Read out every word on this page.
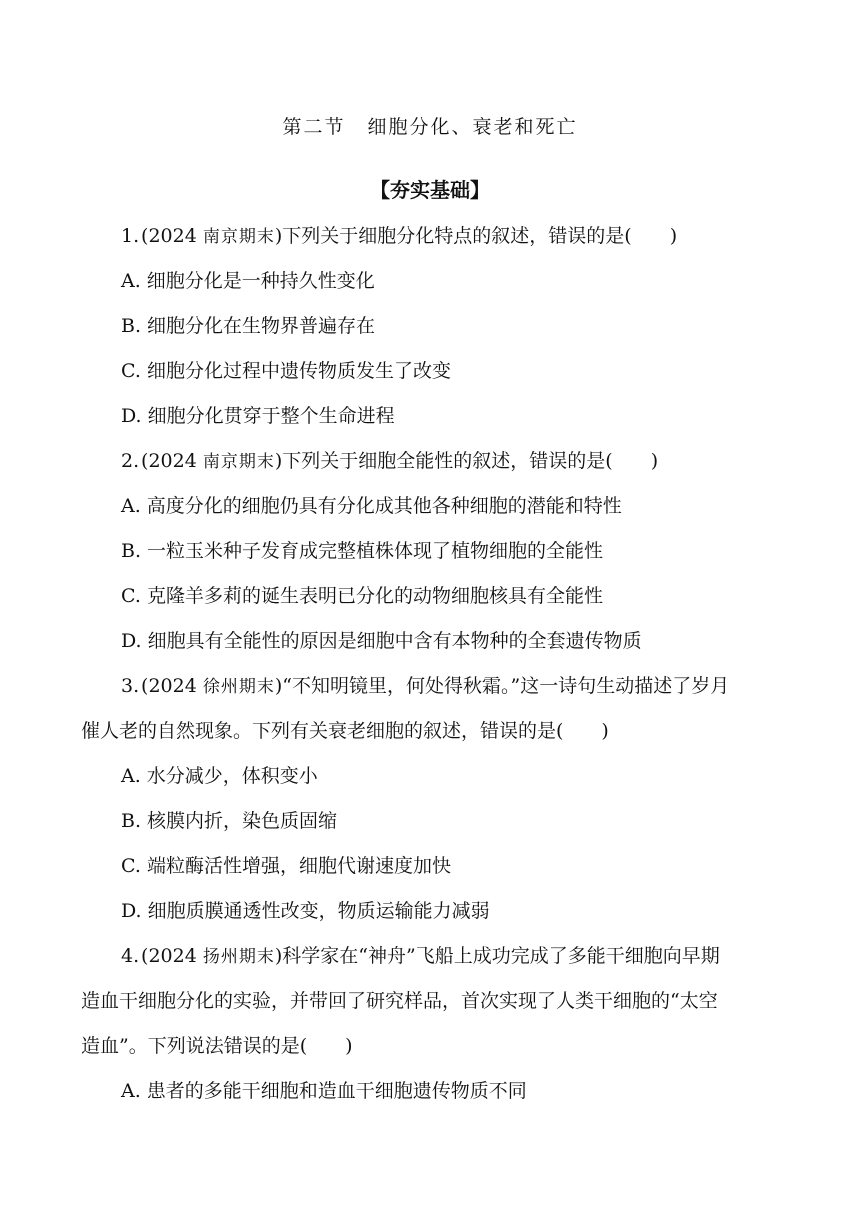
第二节 细胞分化、衰老和死亡
【夯实基础】
1.  (2024 南京期末)下列关于细胞分化特点的叙述，错误的是(　　)
A. 细胞分化是一种持久性变化
B. 细胞分化在生物界普遍存在
C. 细胞分化过程中遗传物质发生了改变
D. 细胞分化贯穿于整个生命进程
2.  (2024 南京期末)下列关于细胞全能性的叙述，错误的是(　　)
A. 高度分化的细胞仍具有分化成其他各种细胞的潜能和特性
B. 一粒玉米种子发育成完整植株体现了植物细胞的全能性
C. 克隆羊多莉的诞生表明已分化的动物细胞核具有全能性
D. 细胞具有全能性的原因是细胞中含有本物种的全套遗传物质
3.  (2024 徐州期末)“不知明镜里，何处得秋霜。”这一诗句生动描述了岁月
催人老的自然现象。下列有关衰老细胞的叙述，错误的是(　　)
A. 水分减少，体积变小
B. 核膜内折，染色质固缩
C. 端粒酶活性增强，细胞代谢速度加快
D. 细胞质膜通透性改变，物质运输能力减弱
4.  (2024 扬州期末)科学家在“神舟”飞船上成功完成了多能干细胞向早期
造血干细胞分化的实验，并带回了研究样品，首次实现了人类干细胞的“太空
造血”。下列说法错误的是(　　)
A. 患者的多能干细胞和造血干细胞遗传物质不同
